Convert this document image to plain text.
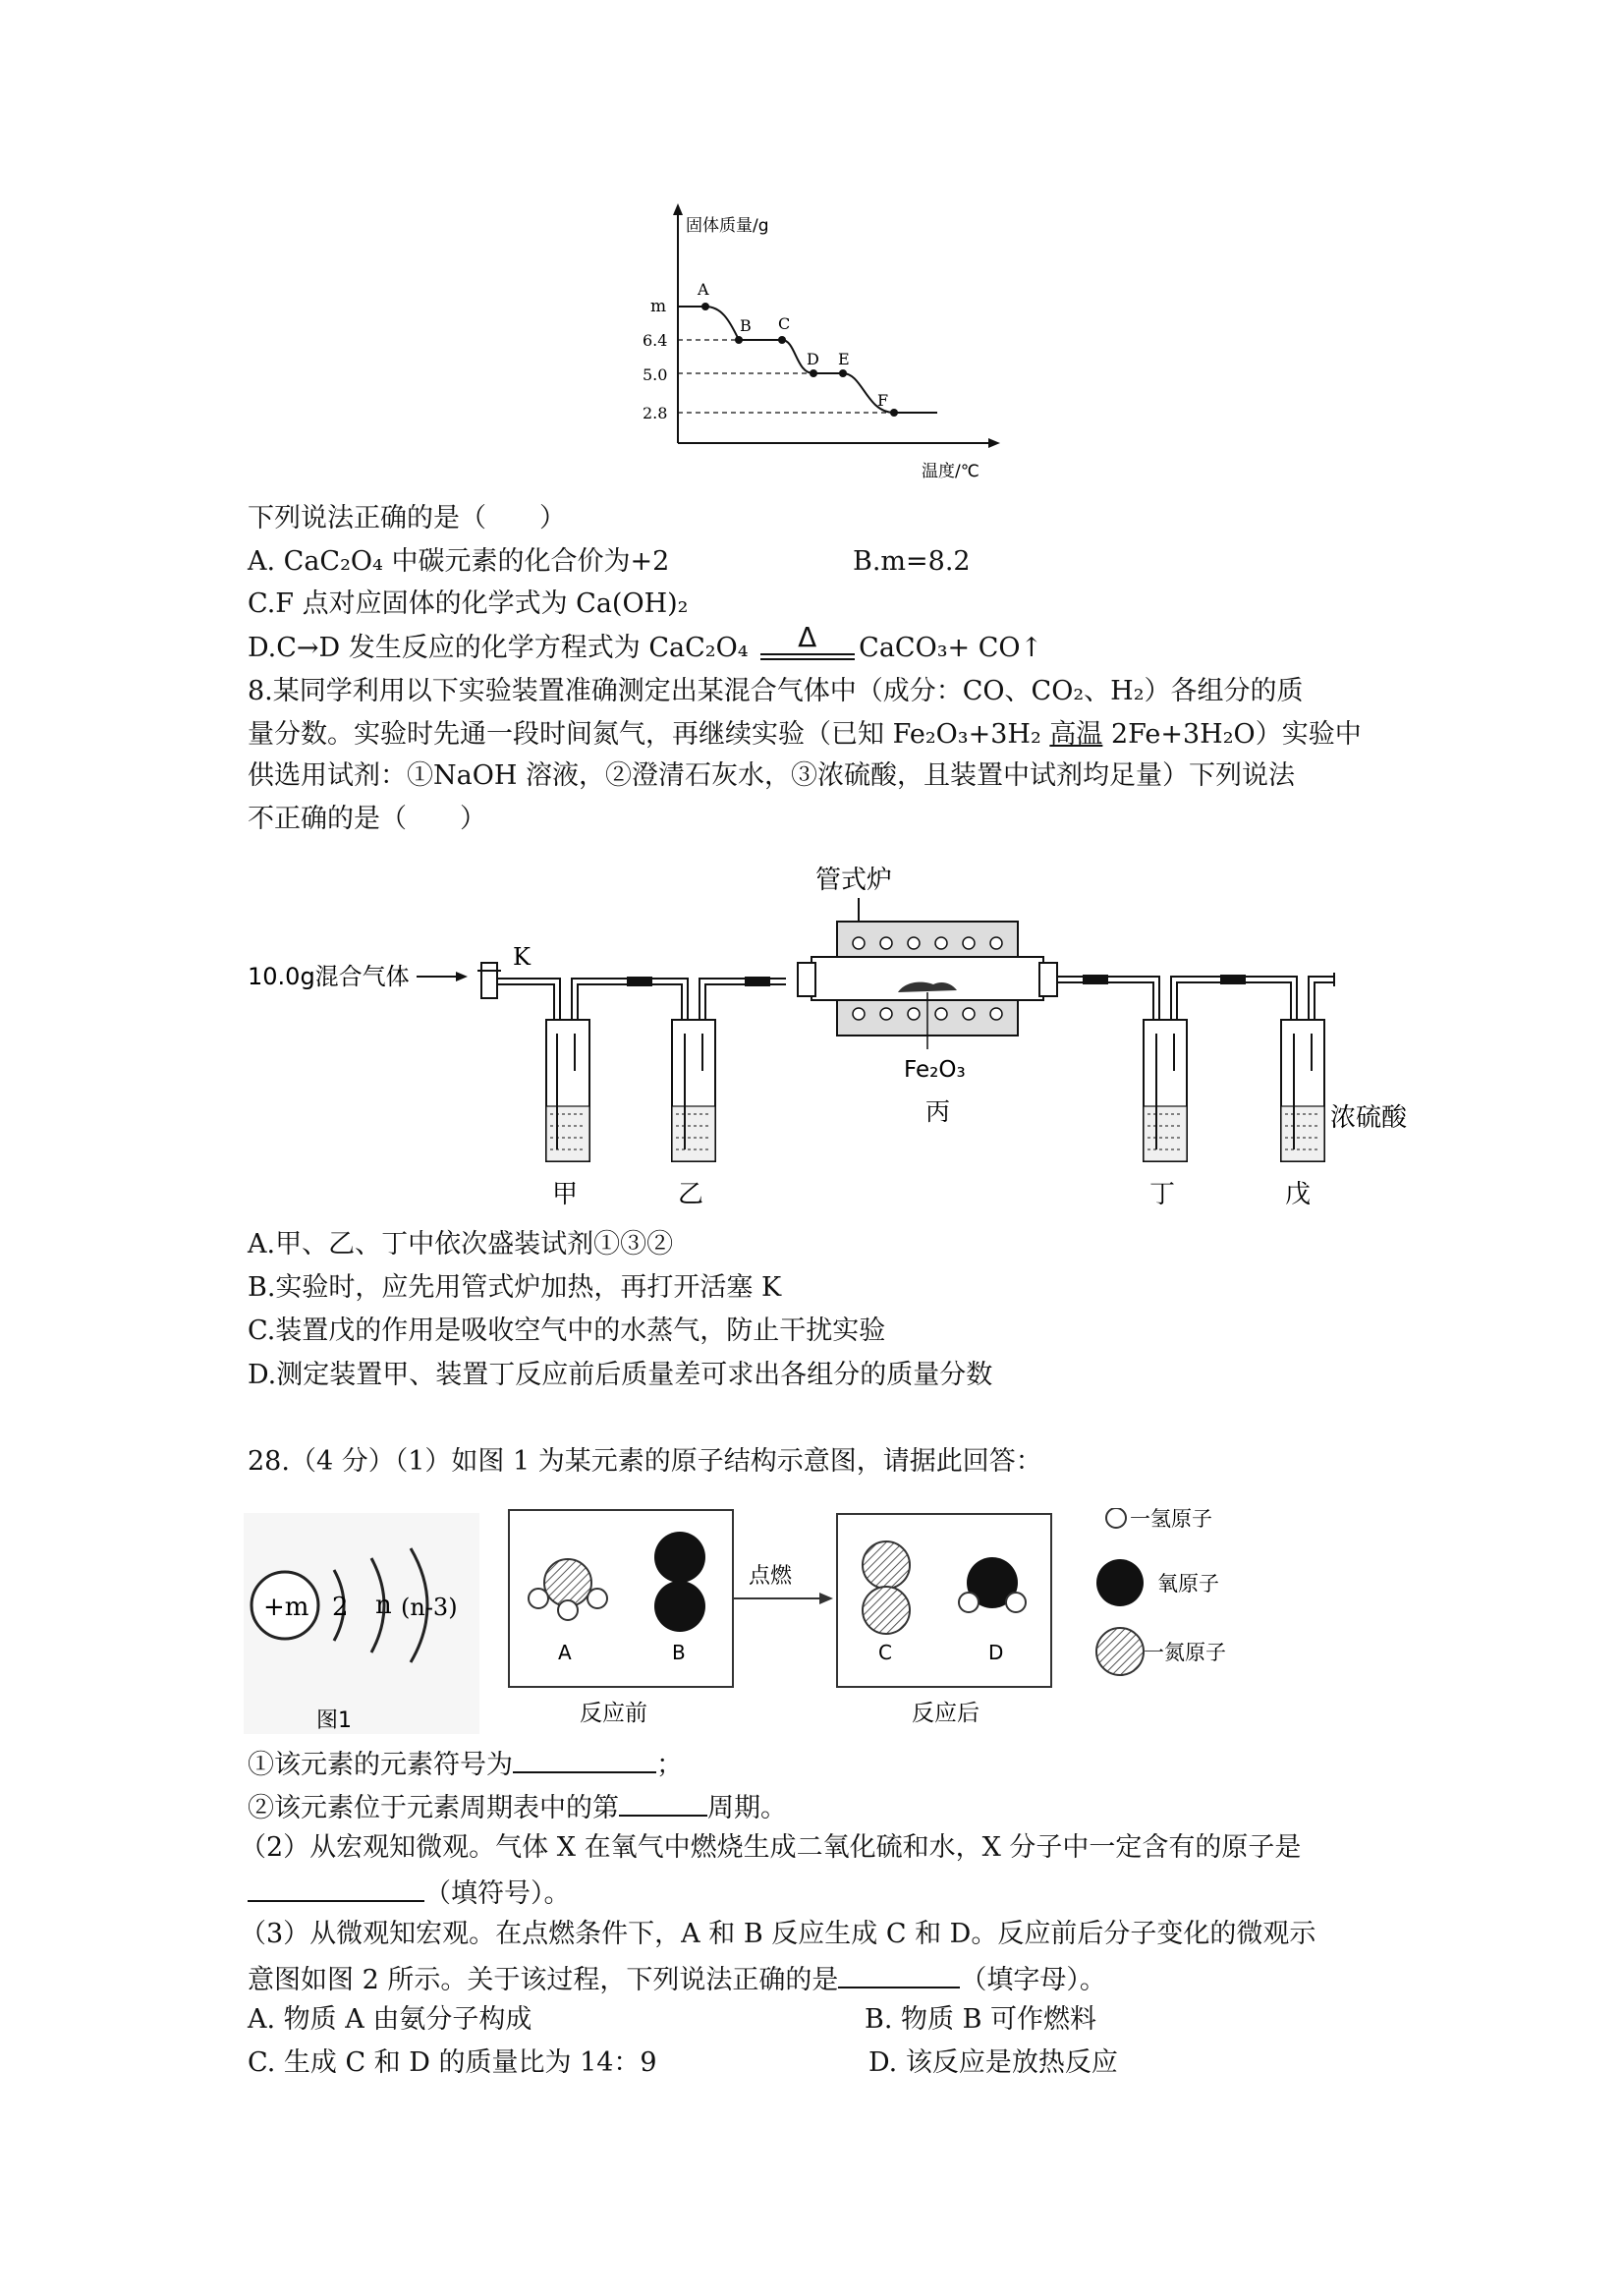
固体质量/g
温度/℃
m
6.4
5.0
2.8
A
B C
D E
F
下列说法正确的是（　　）
A. CaC₂O₄ 中碳元素的化合价为+2	B.m=8.2
C.F 点对应固体的化学式为 Ca(OH)₂
D.C→D 发生反应的化学方程式为 CaC₂O₄ Δ CaCO₃+ CO↑
8.某同学利用以下实验装置准确测定出某混合气体中（成分：CO、CO₂、H₂）各组分的质
量分数。实验时先通一段时间氮气，再继续实验（已知 Fe₂O₃+3H₂ 高温 2Fe+3H₂O）实验中
供选用试剂：①NaOH 溶液，②澄清石灰水，③浓硫酸，且装置中试剂均足量）下列说法
不正确的是（　　）
10.0g混合气体
K
管式炉
Fe₂O₃
丙	浓硫酸
甲	乙	丁	戊
A.甲、乙、丁中依次盛装试剂①③②
B.实验时，应先用管式炉加热，再打开活塞 K
C.装置戊的作用是吸收空气中的水蒸气，防止干扰实验
D.测定装置甲、装置丁反应前后质量差可求出各组分的质量分数
28.（4 分）（1）如图 1 为某元素的原子结构示意图，请据此回答：
+m 2 n (n-3)
图1
A	B
反应前
点燃
C	D
反应后
一氢原子
氧原子
一氮原子
①该元素的元素符号为	；
②该元素位于元素周期表中的第	周期。
（2）从宏观知微观。气体 X 在氧气中燃烧生成二氧化硫和水，X 分子中一定含有的原子是
（填符号）。
（3）从微观知宏观。在点燃条件下，A 和 B 反应生成 C 和 D。反应前后分子变化的微观示
意图如图 2 所示。关于该过程，下列说法正确的是	（填字母）。
A. 物质 A 由氨分子构成	B. 物质 B 可作燃料
C. 生成 C 和 D 的质量比为 14：9	D. 该反应是放热反应
